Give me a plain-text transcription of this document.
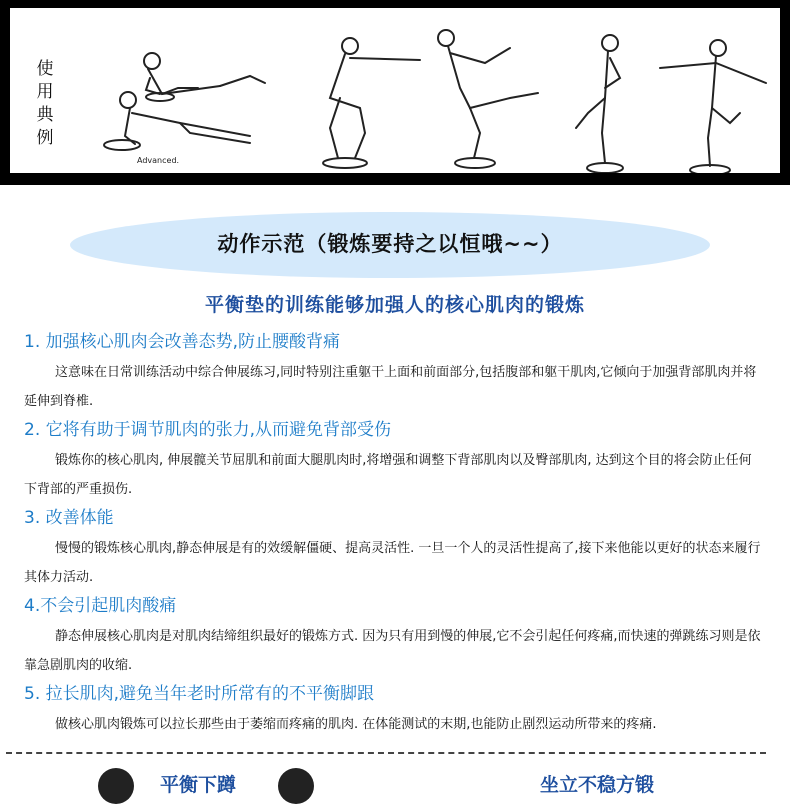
使
用
典
例
Advanced.
动作示范（锻炼要持之以恒哦~~）
平衡垫的训练能够加强人的核心肌肉的锻炼
1. 加强核心肌肉会改善态势,防止腰酸背痛
这意味在日常训练活动中综合伸展练习,同时特别注重躯干上面和前面部分,包括腹部和躯干肌肉,它倾向于加强背部肌肉并将延伸到脊椎.
2. 它将有助于调节肌肉的张力,从而避免背部受伤
锻炼你的核心肌肉, 伸展髋关节屈肌和前面大腿肌肉时,将增强和调整下背部肌肉以及臀部肌肉, 达到这个目的将会防止任何下背部的严重损伤.
3. 改善体能
慢慢的锻炼核心肌肉,静态伸展是有的效缓解僵硬、提高灵活性. 一旦一个人的灵活性提高了,接下来他能以更好的状态来履行其体力活动.
4.不会引起肌肉酸痛
静态伸展核心肌肉是对肌肉结缔组织最好的锻炼方式. 因为只有用到慢的伸展,它不会引起任何疼痛,而快速的弹跳练习则是依靠急剧肌肉的收缩.
5. 拉长肌肉,避免当年老时所常有的不平衡脚跟
做核心肌肉锻炼可以拉长那些由于萎缩而疼痛的肌肉. 在体能测试的末期,也能防止剧烈运动所带来的疼痛.
平衡下蹲	坐立不稳方锻
